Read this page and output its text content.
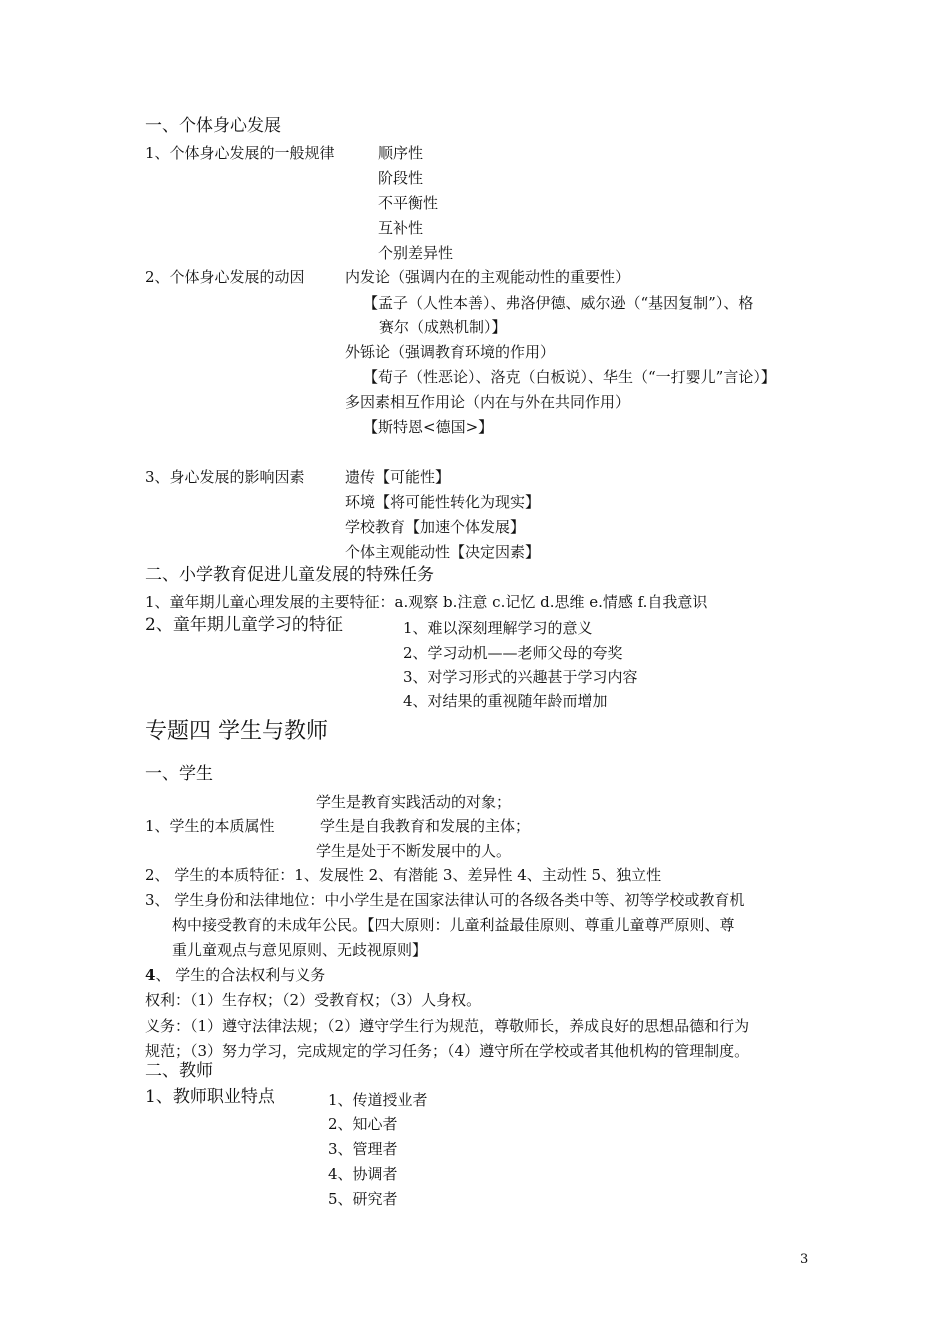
一、个体身心发展
1、个体身心发展的一般规律	顺序性
阶段性
不平衡性
互补性
个别差异性
2、个体身心发展的动因	内发论（强调内在的主观能动性的重要性）
【孟子（人性本善）、弗洛伊德、威尔逊（“基因复制”）、格
赛尔（成熟机制）】
外铄论（强调教育环境的作用）
【荀子（性恶论）、洛克（白板说）、华生（“一打婴儿”言论）】
多因素相互作用论（内在与外在共同作用）
【斯特恩<德国>】
3、身心发展的影响因素	遗传【可能性】
环境【将可能性转化为现实】
学校教育【加速个体发展】
个体主观能动性【决定因素】
二、小学教育促进儿童发展的特殊任务
1、童年期儿童心理发展的主要特征：a.观察 b.注意 c.记忆 d.思维 e.情感 f.自我意识
2、童年期儿童学习的特征	1、难以深刻理解学习的意义
2、学习动机——老师父母的夸奖
3、对学习形式的兴趣甚于学习内容
4、对结果的重视随年龄而增加
专题四 学生与教师
一、学生
学生是教育实践活动的对象；
1、学生的本质属性	学生是自我教育和发展的主体；
学生是处于不断发展中的人。
2、 学生的本质特征：1、发展性 2、有潜能 3、差异性 4、主动性 5、独立性
3、 学生身份和法律地位：中小学生是在国家法律认可的各级各类中等、初等学校或教育机
构中接受教育的未成年公民。【四大原则：儿童利益最佳原则、尊重儿童尊严原则、尊
重儿童观点与意见原则、无歧视原则】
4、 学生的合法权利与义务
权利：（1）生存权；（2）受教育权；（3）人身权。
义务：（1）遵守法律法规；（2）遵守学生行为规范，尊敬师长，养成良好的思想品德和行为
规范；（3）努力学习，完成规定的学习任务；（4）遵守所在学校或者其他机构的管理制度。
二、教师
1、教师职业特点	1、传道授业者
2、知心者
3、管理者
4、协调者
5、研究者
3
